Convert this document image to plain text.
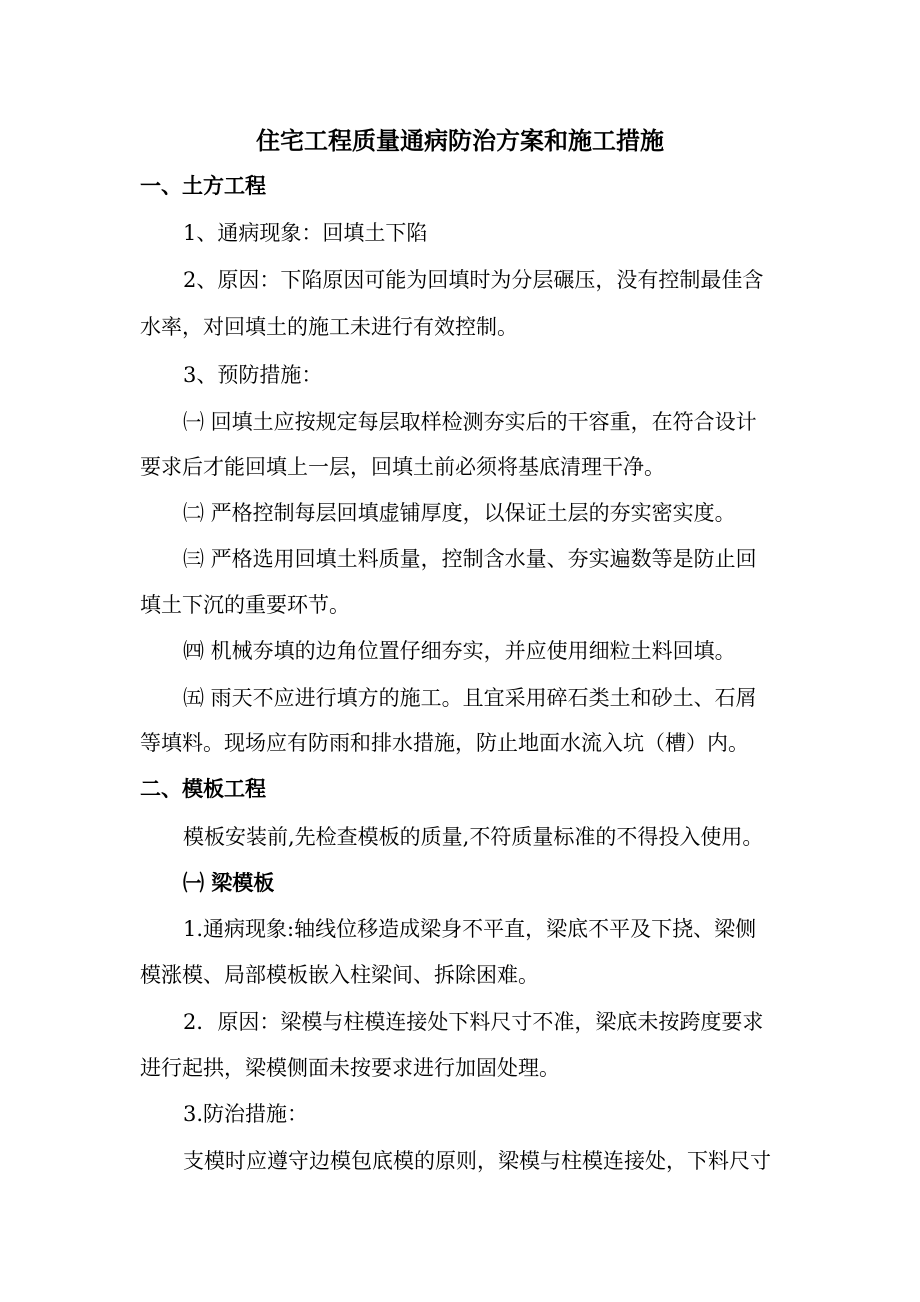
住宅工程质量通病防治方案和施工措施
一、土方工程
1、通病现象：回填土下陷
2、原因：下陷原因可能为回填时为分层碾压，没有控制最佳含
水率，对回填土的施工未进行有效控制。
3、预防措施：
㈠ 回填土应按规定每层取样检测夯实后的干容重，在符合设计
要求后才能回填上一层，回填土前必须将基底清理干净。
㈡ 严格控制每层回填虚铺厚度，以保证土层的夯实密实度。
㈢ 严格选用回填土料质量，控制含水量、夯实遍数等是防止回
填土下沉的重要环节。
㈣ 机械夯填的边角位置仔细夯实，并应使用细粒土料回填。
㈤ 雨天不应进行填方的施工。且宜采用碎石类土和砂土、石屑
等填料。现场应有防雨和排水措施，防止地面水流入坑（槽）内。
二、模板工程
模板安装前,先检查模板的质量,不符质量标准的不得投入使用。
㈠ 梁模板
1.通病现象:轴线位移造成梁身不平直，梁底不平及下挠、梁侧
模涨模、局部模板嵌入柱梁间、拆除困难。
2．原因：梁模与柱模连接处下料尺寸不准，梁底未按跨度要求
进行起拱，梁模侧面未按要求进行加固处理。
3.防治措施：
支模时应遵守边模包底模的原则，梁模与柱模连接处，下料尺寸
